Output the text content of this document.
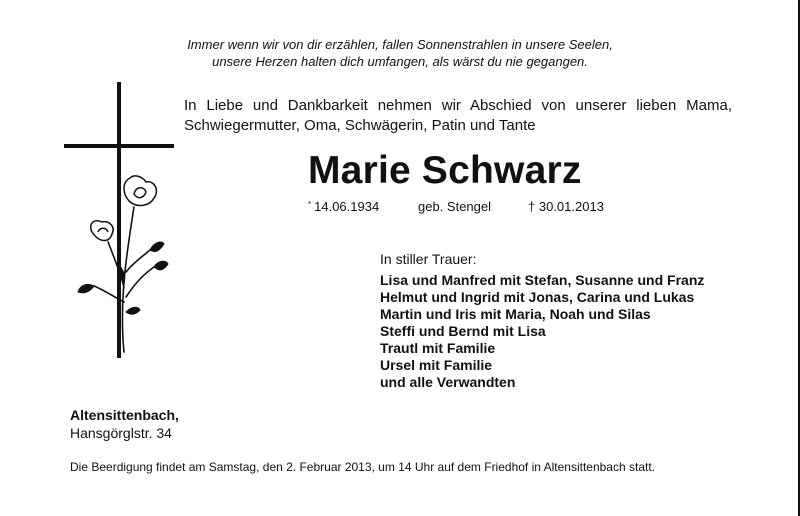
Immer wenn wir von dir erzählen, fallen Sonnenstrahlen in unsere Seelen,
unsere Herzen halten dich umfangen, als wärst du nie gegangen.
In Liebe und Dankbarkeit nehmen wir Abschied von unserer lieben Mama,
Schwiegermutter, Oma, Schwägerin, Patin und Tante
Marie Schwarz
* 14.06.1934	geb. Stengel	† 30.01.2013
In stiller Trauer:
Lisa und Manfred mit Stefan, Susanne und Franz
Helmut und Ingrid mit Jonas, Carina und Lukas
Martin und Iris mit Maria, Noah und Silas
Steffi und Bernd mit Lisa
Trautl mit Familie
Ursel mit Familie
und alle Verwandten
Altensittenbach,
Hansgörglstr. 34
Die Beerdigung findet am Samstag, den 2. Februar 2013, um 14 Uhr auf dem Friedhof in Altensittenbach statt.
